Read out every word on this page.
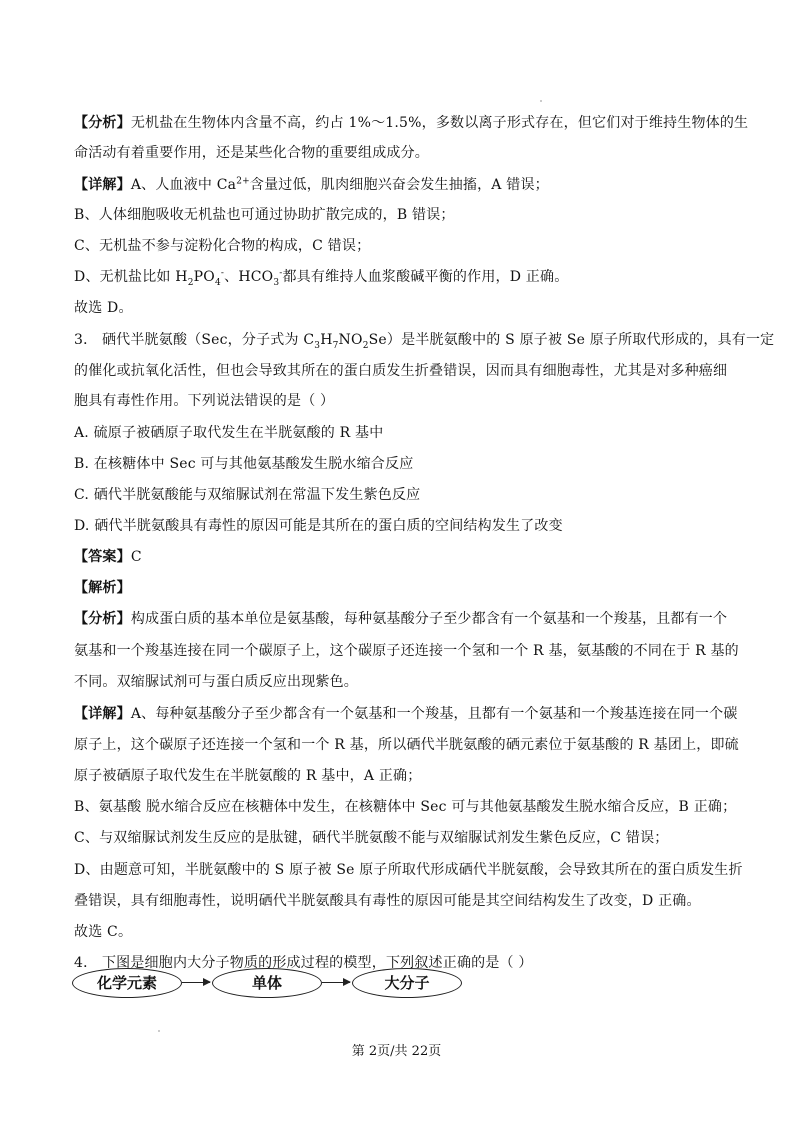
【分析】无机盐在生物体内含量不高，约占 1%～1.5%，多数以离子形式存在，但它们对于维持生物体的生
命活动有着重要作用，还是某些化合物的重要组成成分。
【详解】A、人血液中 $Ca^{2+}$含量过低，肌肉细胞兴奋会发生抽搐，A 错误；
B、人体细胞吸收无机盐也可通过协助扩散完成的，B 错误；
C、无机盐不参与淀粉化合物的构成，C 错误；
D、无机盐比如 $H_2PO_4^-$、$HCO_3^-$都具有维持人血浆酸碱平衡的作用，D 正确。
故选 D。
3． 硒代半胱氨酸（Sec，分子式为 $C_3H_7NO_2Se$）是半胱氨酸中的 S 原子被 Se 原子所取代形成的，具有一定
的催化或抗氧化活性，但也会导致其所在的蛋白质发生折叠错误，因而具有细胞毒性，尤其是对多种癌细
胞具有毒性作用。下列说法错误的是（ ）
A. 硫原子被硒原子取代发生在半胱氨酸的 R 基中
B. 在核糖体中 Sec 可与其他氨基酸发生脱水缩合反应
C. 硒代半胱氨酸能与双缩脲试剂在常温下发生紫色反应
D. 硒代半胱氨酸具有毒性的原因可能是其所在的蛋白质的空间结构发生了改变
【答案】C
【解析】
【分析】构成蛋白质的基本单位是氨基酸，每种氨基酸分子至少都含有一个氨基和一个羧基，且都有一个
氨基和一个羧基连接在同一个碳原子上，这个碳原子还连接一个氢和一个 R 基，氨基酸的不同在于 R 基的
不同。双缩脲试剂可与蛋白质反应出现紫色。
【详解】A、每种氨基酸分子至少都含有一个氨基和一个羧基，且都有一个氨基和一个羧基连接在同一个碳
原子上，这个碳原子还连接一个氢和一个 R 基，所以硒代半胱氨酸的硒元素位于氨基酸的 R 基团上，即硫
原子被硒原子取代发生在半胱氨酸的 R 基中，A 正确；
B、氨基酸 脱水缩合反应在核糖体中发生，在核糖体中 Sec 可与其他氨基酸发生脱水缩合反应，B 正确；
C、与双缩脲试剂发生反应的是肽键，硒代半胱氨酸不能与双缩脲试剂发生紫色反应，C 错误；
D、由题意可知，半胱氨酸中的 S 原子被 Se 原子所取代形成硒代半胱氨酸，会导致其所在的蛋白质发生折
叠错误，具有细胞毒性，说明硒代半胱氨酸具有毒性的原因可能是其空间结构发生了改变，D 正确。
故选 C。
4． 下图是细胞内大分子物质的形成过程的模型，下列叙述正确的是（ ）
化学元素	单体	大分子
第 2页/共 22页
